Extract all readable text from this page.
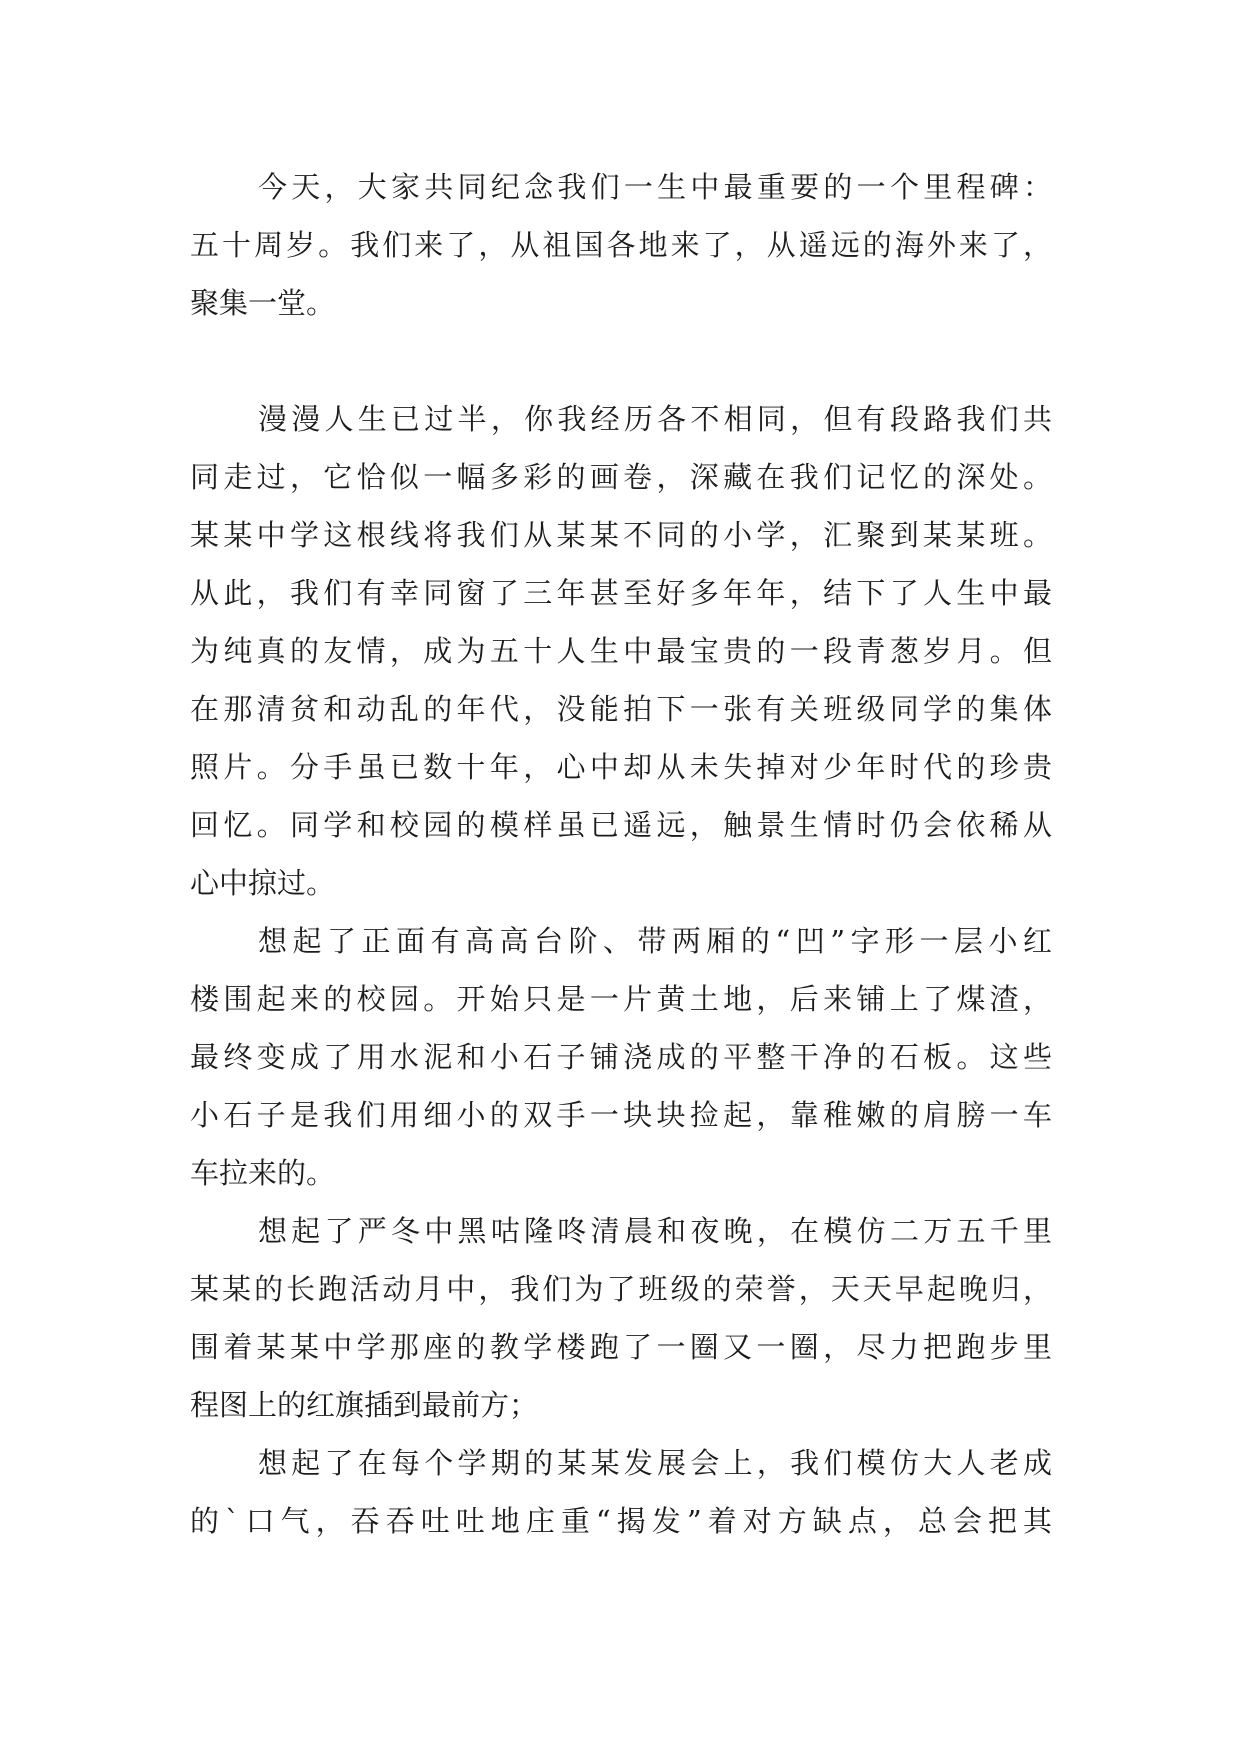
今天，大家共同纪念我们一生中最重要的一个里程碑：
五十周岁。我们来了，从祖国各地来了，从遥远的海外来了，
聚集一堂。
漫漫人生已过半，你我经历各不相同，但有段路我们共
同走过，它恰似一幅多彩的画卷，深藏在我们记忆的深处。
某某中学这根线将我们从某某不同的小学，汇聚到某某班。
从此，我们有幸同窗了三年甚至好多年年，结下了人生中最
为纯真的友情，成为五十人生中最宝贵的一段青葱岁月。但
在那清贫和动乱的年代，没能拍下一张有关班级同学的集体
照片。分手虽已数十年，心中却从未失掉对少年时代的珍贵
回忆。同学和校园的模样虽已遥远，触景生情时仍会依稀从
心中掠过。
想起了正面有高高台阶、带两厢的“凹”字形一层小红
楼围起来的校园。开始只是一片黄土地，后来铺上了煤渣，
最终变成了用水泥和小石子铺浇成的平整干净的石板。这些
小石子是我们用细小的双手一块块捡起，靠稚嫩的肩膀一车
车拉来的。
想起了严冬中黑咕隆咚清晨和夜晚，在模仿二万五千里
某某的长跑活动月中，我们为了班级的荣誉，天天早起晚归，
围着某某中学那座的教学楼跑了一圈又一圈，尽力把跑步里
程图上的红旗插到最前方；
想起了在每个学期的某某发展会上，我们模仿大人老成
的`口气，吞吞吐吐地庄重“揭发”着对方缺点，总会把其
